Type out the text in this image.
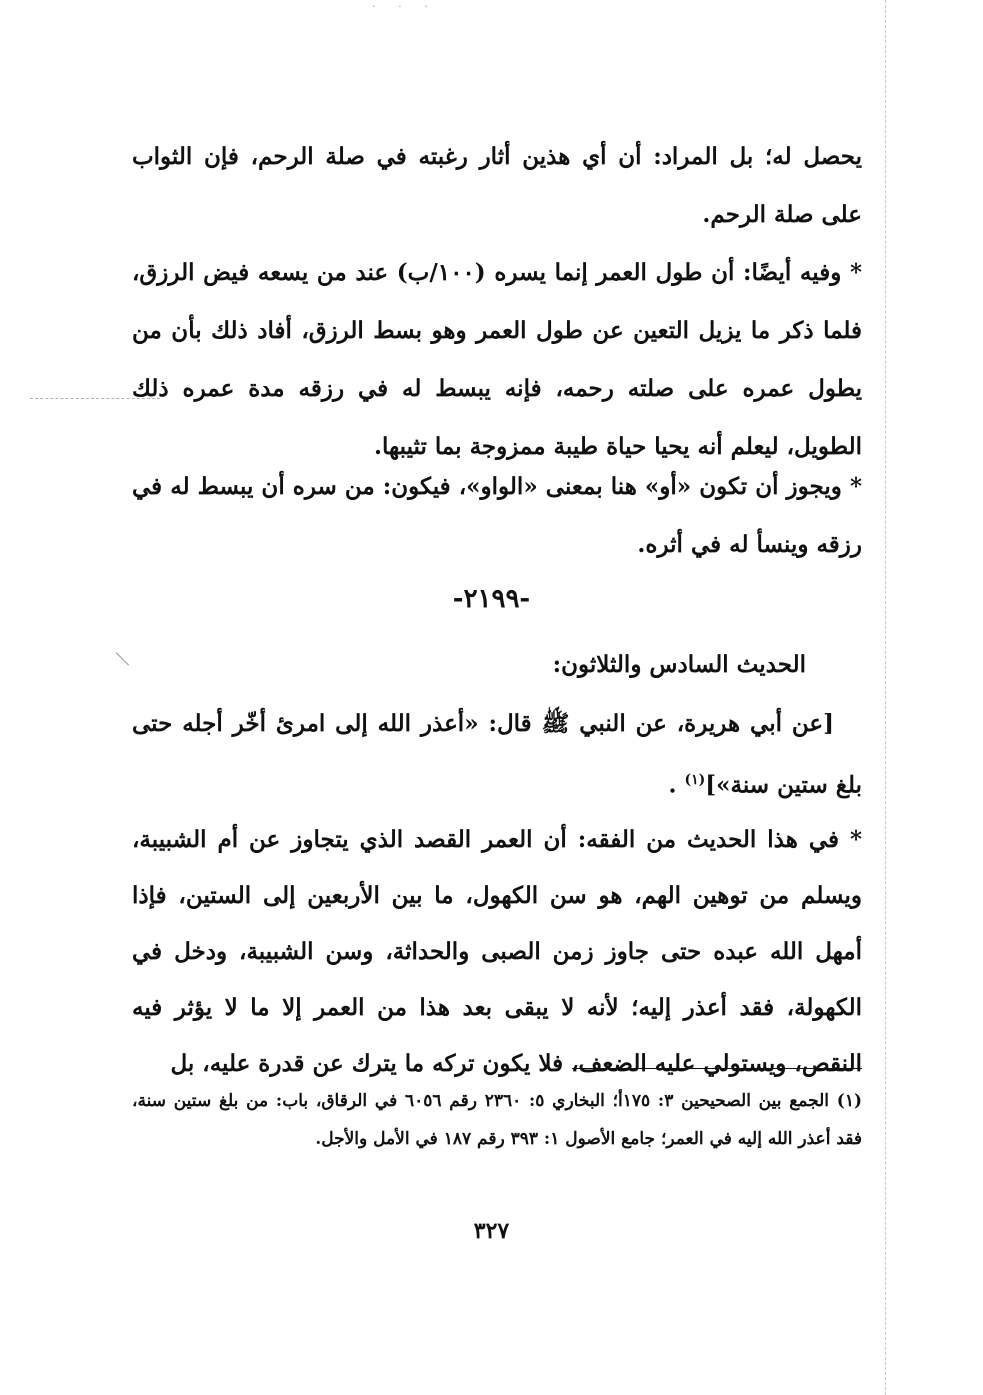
· · ·

يحصل له؛ بل المراد: أن أي هذين أثار رغبته في صلة الرحم، فإن الثواب على صلة الرحم.

* وفيه أيضًا: أن طول العمر إنما يسره (١٠٠/ب) عند من يسعه فيض الرزق، فلما ذكر ما يزيل التعين عن طول العمر وهو بسط الرزق، أفاد ذلك بأن من يطول عمره على صلته رحمه، فإنه يبسط له في رزقه مدة عمره ذلك الطويل، ليعلم أنه يحيا حياة طيبة ممزوجة بما تثيبها.

* ويجوز أن تكون «أو» هنا بمعنى «الواو»، فيكون: من سره أن يبسط له في رزقه وينسأ له في أثره.

-٢١٩٩-
الحديث السادس والثلاثون:
[عن أبي هريرة، عن النبي ﷺ قال: «أعذر الله إلى امرئ أخّر أجله حتى بلغ ستين سنة»]$^{(١)}$ .
* في هذا الحديث من الفقه: أن العمر القصد الذي يتجاوز عن أم الشبيبة، ويسلم من توهين الهم، هو سن الكهول، ما بين الأربعين إلى الستين، فإذا أمهل الله عبده حتى جاوز زمن الصبى والحداثة، وسن الشبيبة، ودخل في الكهولة، فقد أعذر إليه؛ لأنه لا يبقى بعد هذا من العمر إلا ما لا يؤثر فيه النقص، ويستولي عليه الضعف، فلا يكون تركه ما يترك عن قدرة عليه، بل
(١) الجمع بين الصحيحين ٣: ١٧٥أ؛ البخاري ٥: ٢٣٦٠ رقم ٦٠٥٦ في الرقاق، باب: من بلغ ستين سنة، فقد أعذر الله إليه في العمر؛ جامع الأصول ١: ٣٩٣ رقم ١٨٧ في الأمل والأجل.
٣٢٧
